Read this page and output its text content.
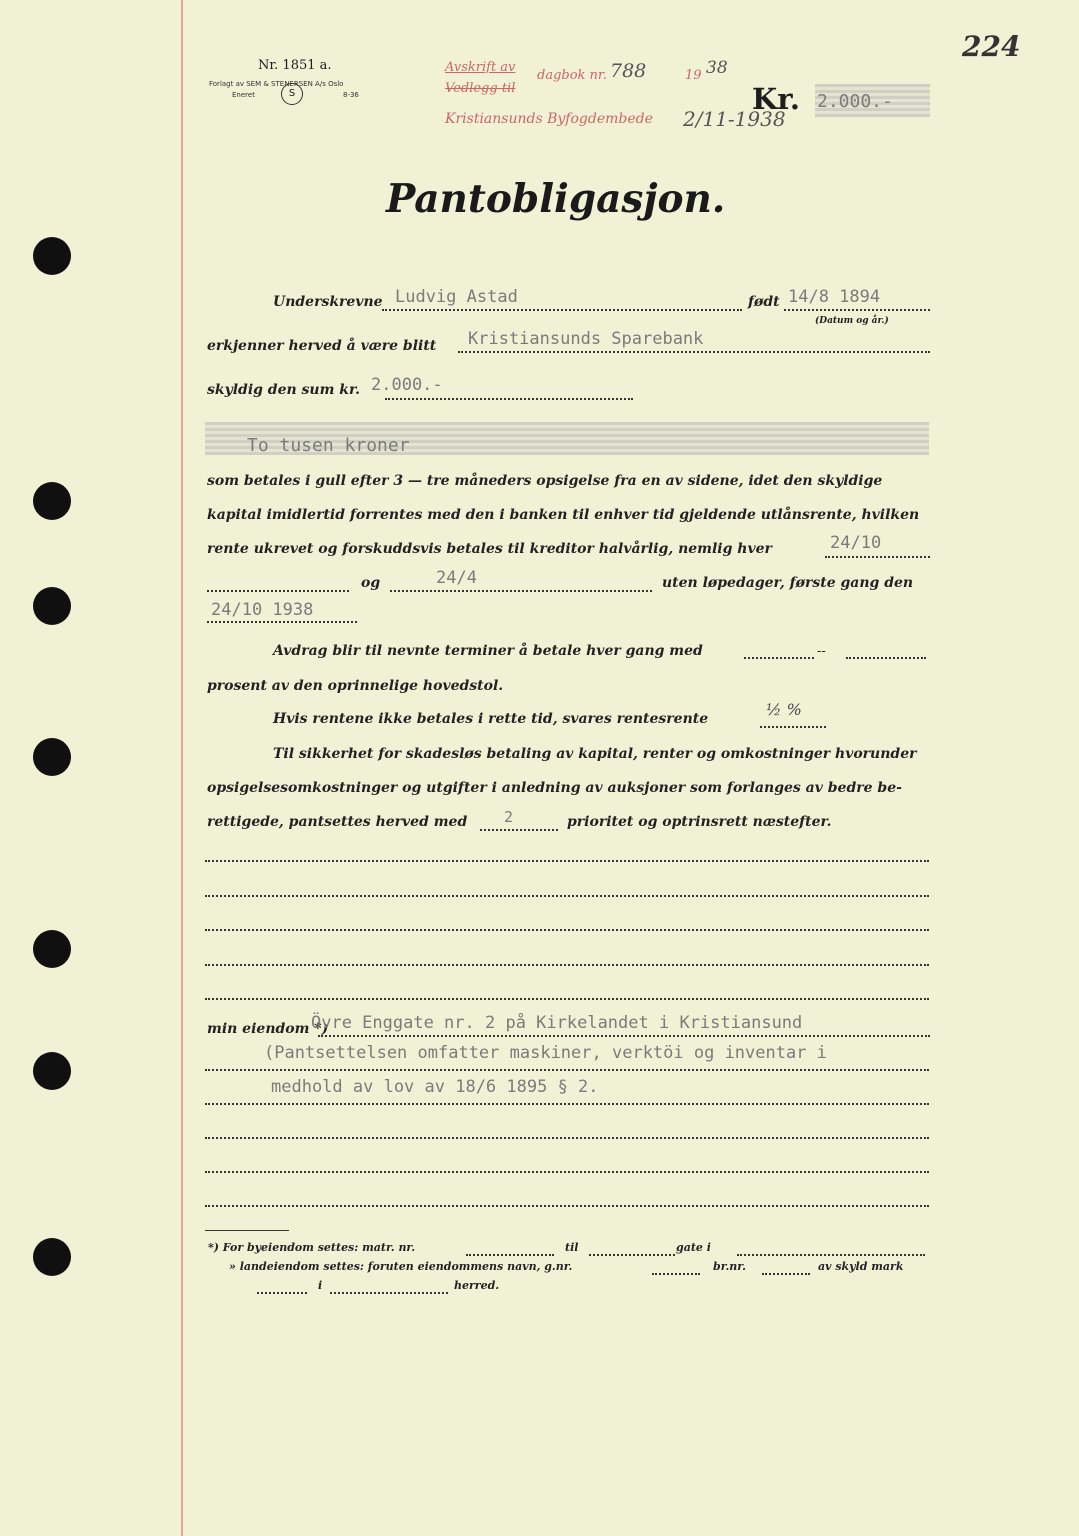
224
Nr. 1851 a.
Forlagt av SEM & STENERSEN A/s Oslo
Eneret	8-36
S
Avskrift av
Vedlegg til
dagbok nr. 788	19 38
Kristiansunds Byfogdembede 2/11-1938
Kr. 2.000.-
Pantobligasjon.
Underskrevne Ludvig Astad	født 14/8 1894
(Datum og år.)
erkjenner herved å være blitt Kristiansunds Sparebank
skyldig den sum kr. 2.000.-
To tusen kroner
som betales i gull efter 3 — tre måneders opsigelse fra en av sidene, idet den skyldige
kapital imidlertid forrentes med den i banken til enhver tid gjeldende utlånsrente, hvilken
rente ukrevet og forskuddsvis betales til kreditor halvårlig, nemlig hver	24/10
og	24/4	uten løpedager, første gang den
24/10 1938
Avdrag blir til nevnte terminer å betale hver gang med	--
prosent av den oprinnelige hovedstol.
Hvis rentene ikke betales i rette tid, svares rentesrente	½ %
Til sikkerhet for skadesløs betaling av kapital, renter og omkostninger hvorunder
opsigelsesomkostninger og utgifter i anledning av auksjoner som forlanges av bedre be-
rettigede, pantsettes herved med 2	prioritet og optrinsrett næstefter.
min eiendom *)
Övre Enggate nr. 2 på Kirkelandet i Kristiansund
(Pantsettelsen omfatter maskiner, verktöi og inventar i
medhold av lov av 18/6 1895 § 2.
*) For byeiendom settes: matr. nr.	til	gate i
» landeiendom settes: foruten eiendommens navn, g.nr.	br.nr.	av skyld mark
i	herred.
